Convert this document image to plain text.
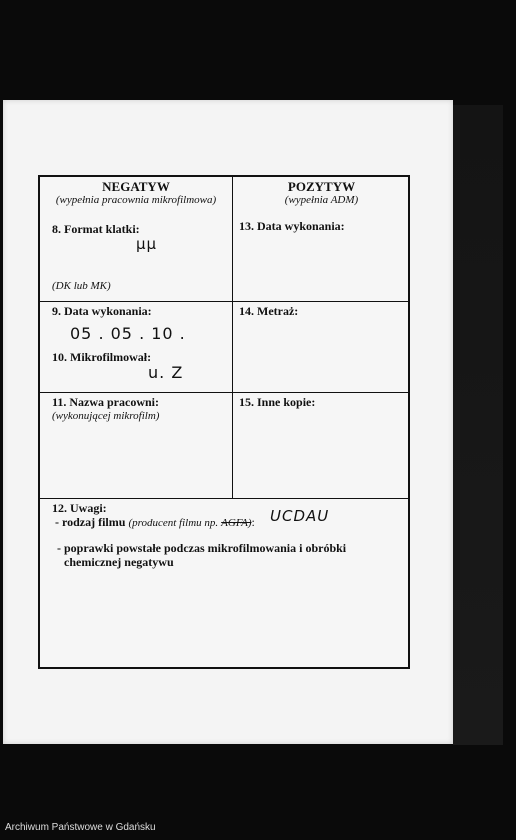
NEGATYW
(wypełnia pracownia mikrofilmowa)
8. Format klatki:
μμ
(DK lub MK)
9. Data wykonania:
05 . 05 . 10 .
10. Mikrofilmował:
u. Z
11. Nazwa pracowni:
(wykonującej mikrofilm)
POZYTYW
(wypełnia ADM)
13. Data wykonania:
14. Metraż:
15. Inne kopie:
12. Uwagi:
- rodzaj filmu (producent filmu np. AGFA): UCDAU
- poprawki powstałe podczas mikrofilmowania i obróbki
chemicznej negatywu
Archiwum Państwowe w Gdańsku
